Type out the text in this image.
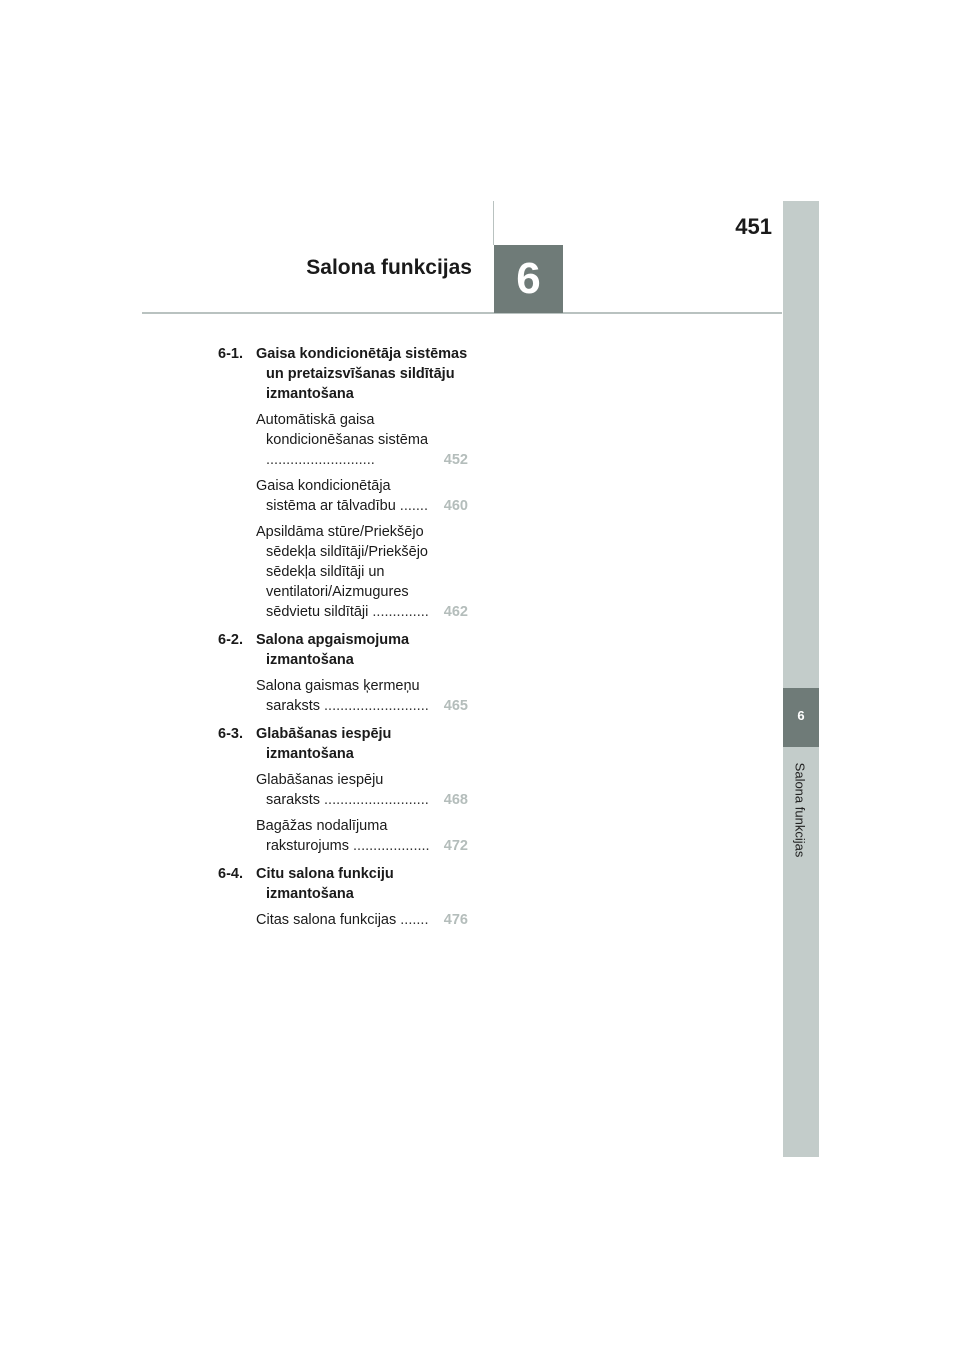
6
Salona funkcijas
6
451
Salona funkcijas
6-1. Gaisa kondicionētāja sistēmas un pretaizsvīšanas sildītāju izmantošana
Automātiskā gaisa kondicionēšanas sistēma ...........................	452
Gaisa kondicionētāja sistēma ar tālvadību .......	460
Apsildāma stūre/Priekšējo sēdekļa sildītāji/Priekšējo sēdekļa sildītāji un ventilatori/Aizmugures sēdvietu sildītāji ..............	462
6-2. Salona apgaismojuma izmantošana
Salona gaismas ķermeņu saraksts ..........................	465
6-3. Glabāšanas iespēju izmantošana
Glabāšanas iespēju saraksts ..........................	468
Bagāžas nodalījuma raksturojums ................... 472
6-4. Citu salona funkciju izmantošana
Citas salona funkcijas .......	476
